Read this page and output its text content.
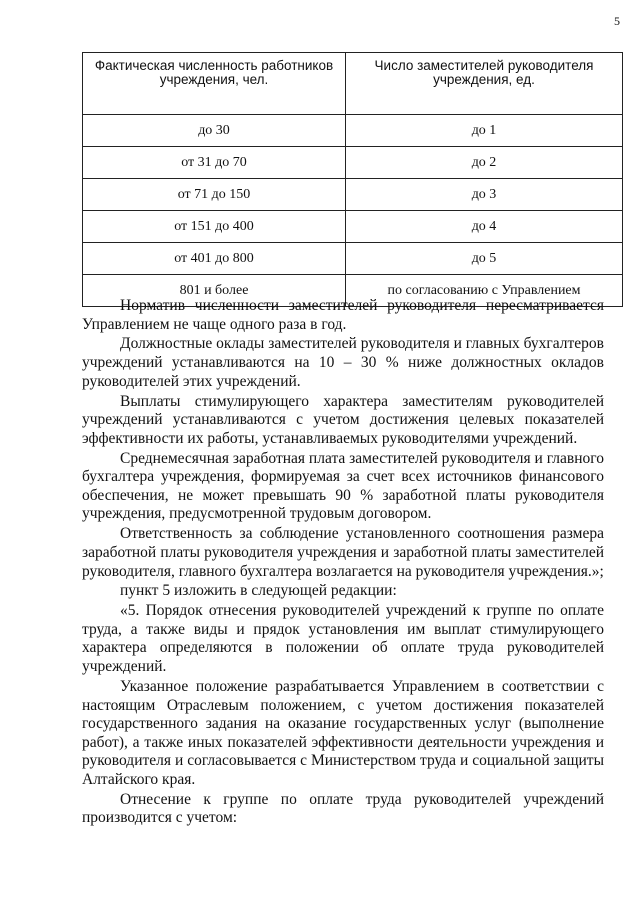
5
Фактическая численность работников учреждения, чел.	Число заместителей руководителя учреждения, ед.
до 30	до 1
от 31 до 70	до 2
от 71 до 150	до 3
от 151 до 400	до 4
от 401 до 800	до 5
801 и более	по согласованию с Управлением

Норматив численности заместителей руководителя пересматривается Управлением не чаще одного раза в год.

Должностные оклады заместителей руководителя и главных бухгалтеров учреждений устанавливаются на 10 – 30 % ниже должностных окладов руководителей этих учреждений.

Выплаты стимулирующего характера заместителям руководителей учреждений устанавливаются с учетом достижения целевых показателей эффективности их работы, устанавливаемых руководителями учреждений.

Среднемесячная заработная плата заместителей руководителя и главного бухгалтера учреждения, формируемая за счет всех источников финансового обеспечения, не может превышать 90 % заработной платы руководителя учреждения, предусмотренной трудовым договором.

Ответственность за соблюдение установленного соотношения размера заработной платы руководителя учреждения и заработной платы заместителей руководителя, главного бухгалтера возлагается на руководителя учреждения.»;

пункт 5 изложить в следующей редакции:

«5. Порядок отнесения руководителей учреждений к группе по оплате труда, а также виды и прядок установления им выплат стимулирующего характера определяются в положении об оплате труда руководителей учреждений.

Указанное положение разрабатывается Управлением в соответствии с настоящим Отраслевым положением, с учетом достижения показателей государственного задания на оказание государственных услуг (выполнение работ), а также иных показателей эффективности деятельности учреждения и руководителя и согласовывается с Министерством труда и социальной защиты Алтайского края.

Отнесение к группе по оплате труда руководителей учреждений производится с учетом:
